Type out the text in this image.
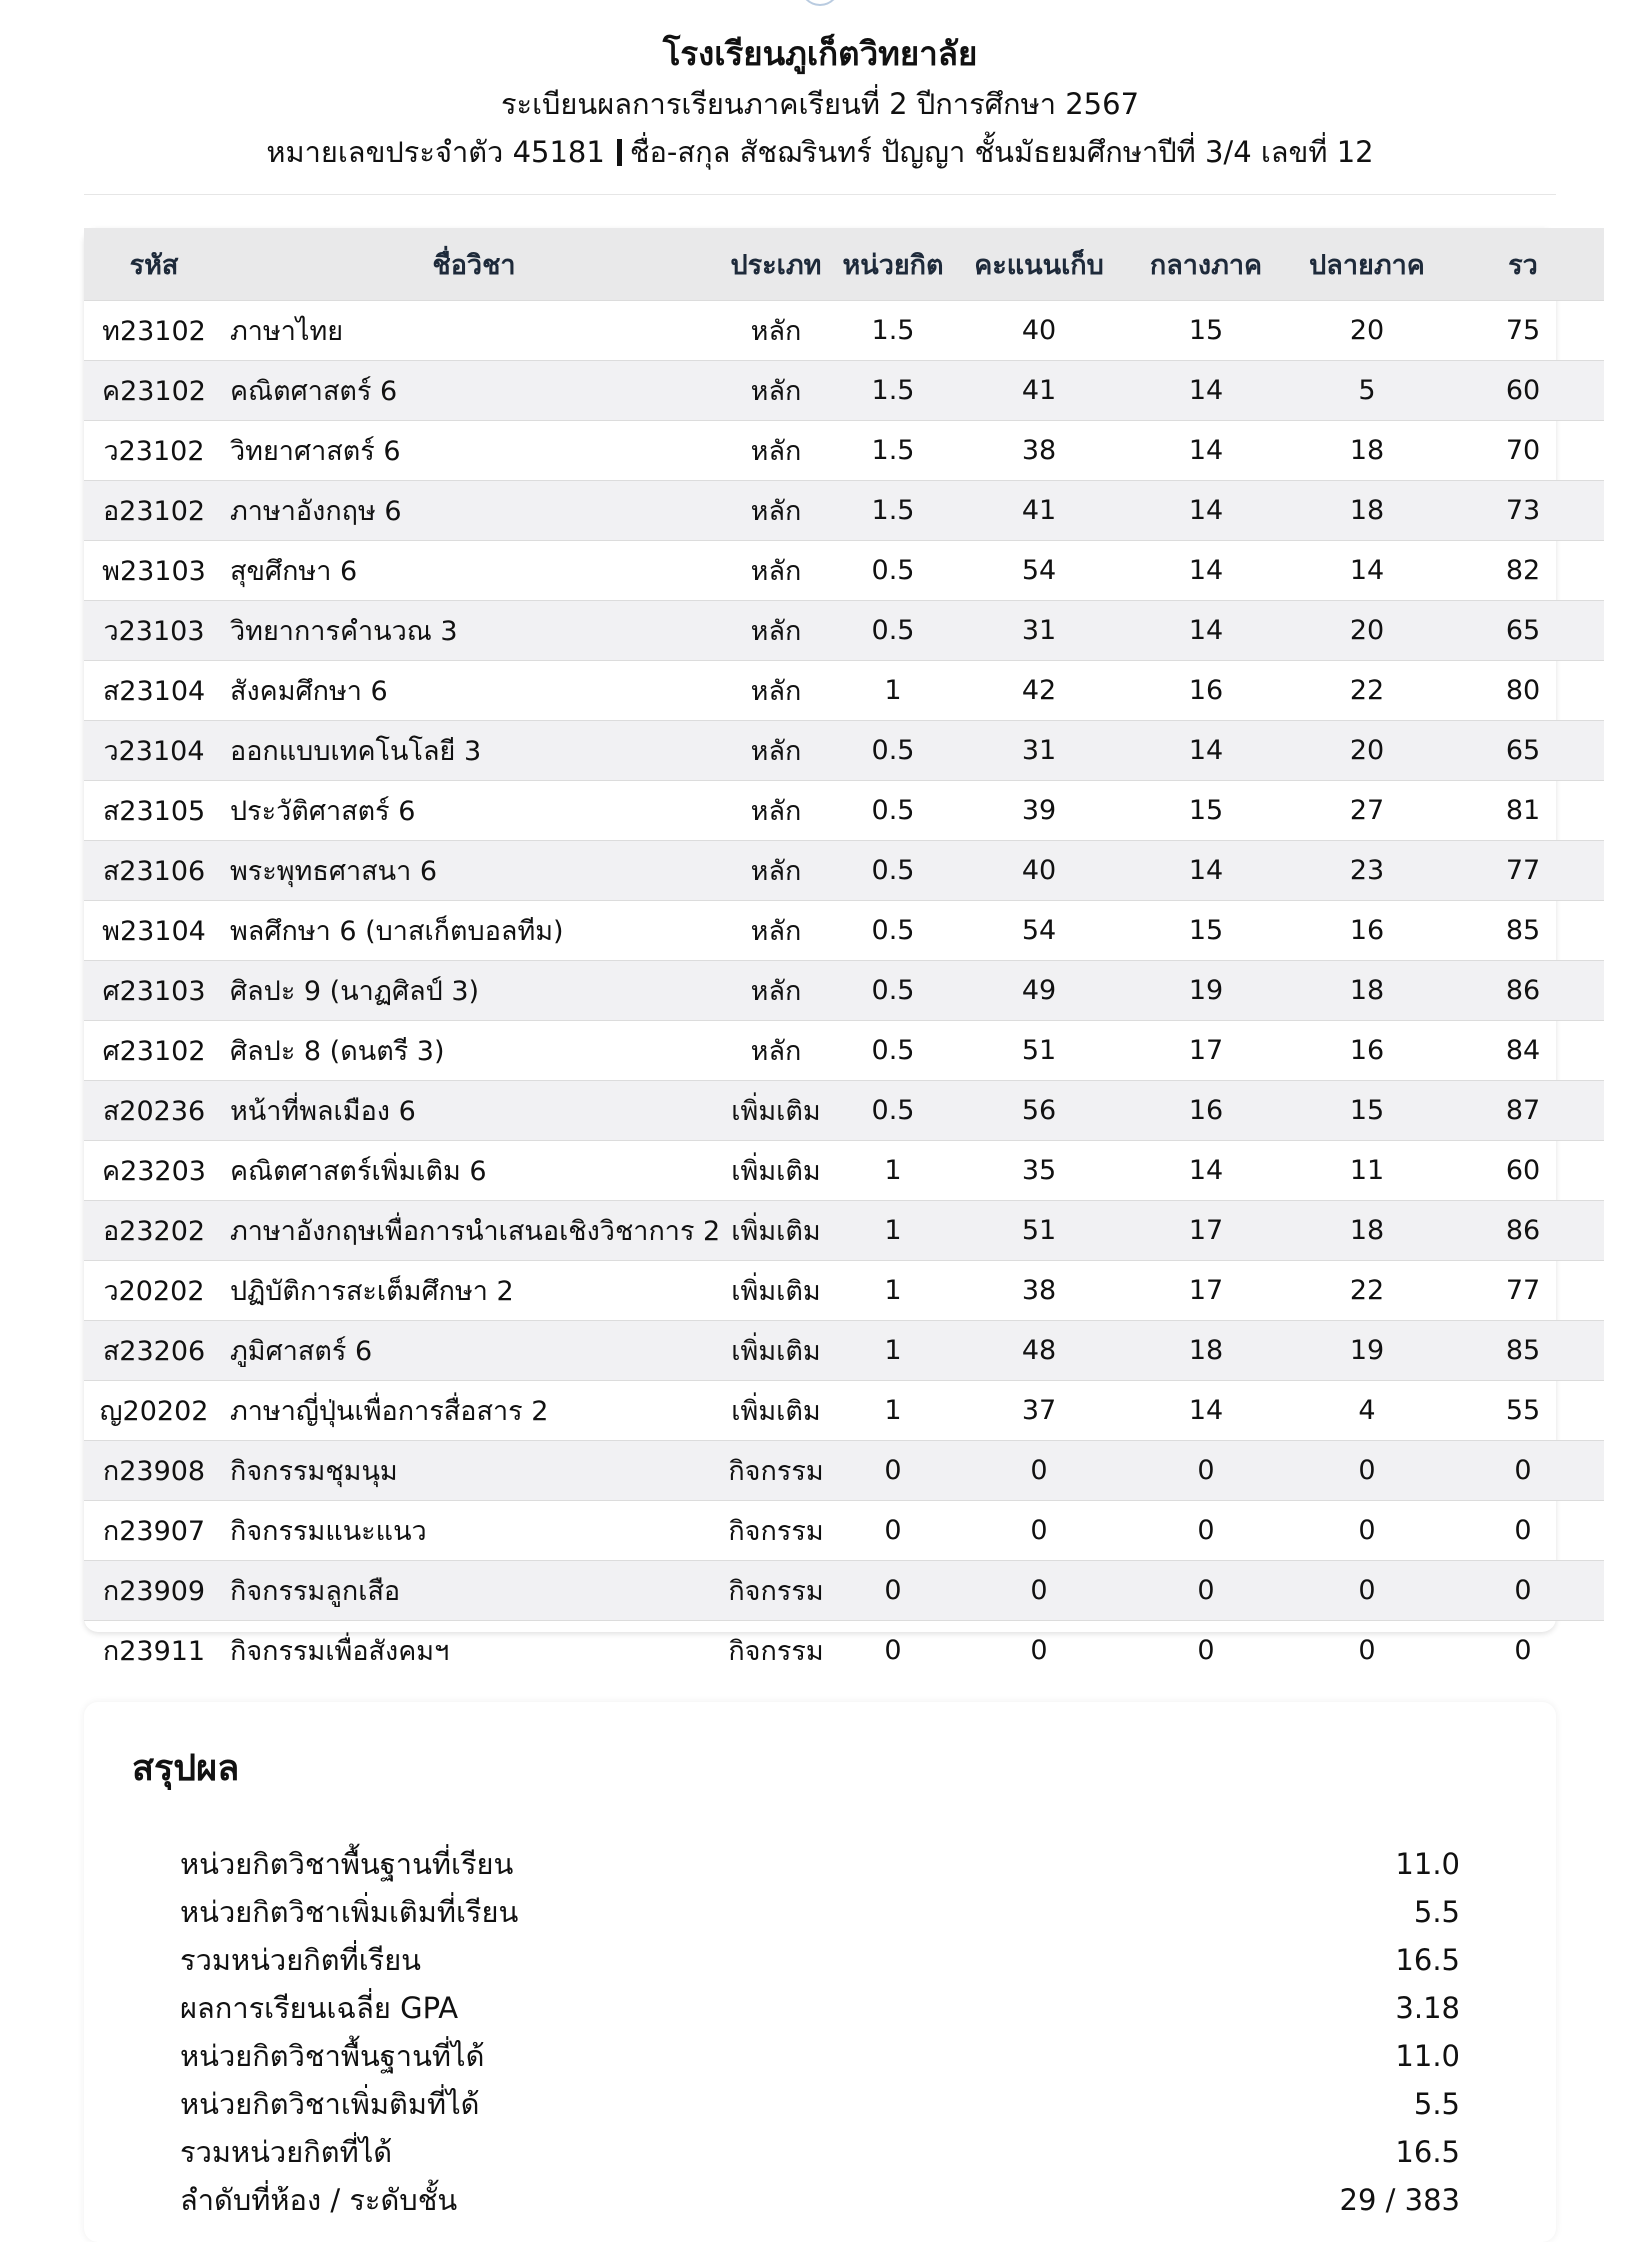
โรงเรียนภูเก็ตวิทยาลัย
ระเบียนผลการเรียนภาคเรียนที่ 2 ปีการศึกษา 2567
หมายเลขประจำตัว 45181 ชื่อ-สกุล สัชฌรินทร์ ปัญญา ชั้นมัธยมศึกษาปีที่ 3/4 เลขที่ 12
รหัส	ชื่อวิชา	ประเภท	หน่วยกิต	คะแนนเก็บ	กลางภาค	ปลายภาค	รว
ท23102	ภาษาไทย	หลัก	1.5	40	15	20	75
ค23102	คณิตศาสตร์ 6	หลัก	1.5	41	14	5	60
ว23102	วิทยาศาสตร์ 6	หลัก	1.5	38	14	18	70
อ23102	ภาษาอังกฤษ 6	หลัก	1.5	41	14	18	73
พ23103	สุขศึกษา 6	หลัก	0.5	54	14	14	82
ว23103	วิทยาการคำนวณ 3	หลัก	0.5	31	14	20	65
ส23104	สังคมศึกษา 6	หลัก	1	42	16	22	80
ว23104	ออกแบบเทคโนโลยี 3	หลัก	0.5	31	14	20	65
ส23105	ประวัติศาสตร์ 6	หลัก	0.5	39	15	27	81
ส23106	พระพุทธศาสนา 6	หลัก	0.5	40	14	23	77
พ23104	พลศึกษา 6 (บาสเก็ตบอลทีม)	หลัก	0.5	54	15	16	85
ศ23103	ศิลปะ 9 (นาฏศิลป์ 3)	หลัก	0.5	49	19	18	86
ศ23102	ศิลปะ 8 (ดนตรี 3)	หลัก	0.5	51	17	16	84
ส20236	หน้าที่พลเมือง 6	เพิ่มเติม	0.5	56	16	15	87
ค23203	คณิตศาสตร์เพิ่มเติม 6	เพิ่มเติม	1	35	14	11	60
อ23202	ภาษาอังกฤษเพื่อการนำเสนอเชิงวิชาการ 2	เพิ่มเติม	1	51	17	18	86
ว20202	ปฏิบัติการสะเต็มศึกษา 2	เพิ่มเติม	1	38	17	22	77
ส23206	ภูมิศาสตร์ 6	เพิ่มเติม	1	48	18	19	85
ญ20202	ภาษาญี่ปุ่นเพื่อการสื่อสาร 2	เพิ่มเติม	1	37	14	4	55
ก23908	กิจกรรมชุมนุม	กิจกรรม	0	0	0	0	0
ก23907	กิจกรรมแนะแนว	กิจกรรม	0	0	0	0	0
ก23909	กิจกรรมลูกเสือ	กิจกรรม	0	0	0	0	0
ก23911	กิจกรรมเพื่อสังคมฯ	กิจกรรม	0	0	0	0	0
สรุปผล
หน่วยกิตวิชาพื้นฐานที่เรียน	11.0
หน่วยกิตวิชาเพิ่มเติมที่เรียน	5.5
รวมหน่วยกิตที่เรียน	16.5
ผลการเรียนเฉลี่ย GPA	3.18
หน่วยกิตวิชาพื้นฐานที่ได้	11.0
หน่วยกิตวิชาเพิ่มติมที่ได้	5.5
รวมหน่วยกิตที่ได้	16.5
ลำดับที่ห้อง / ระดับชั้น	29 / 383
